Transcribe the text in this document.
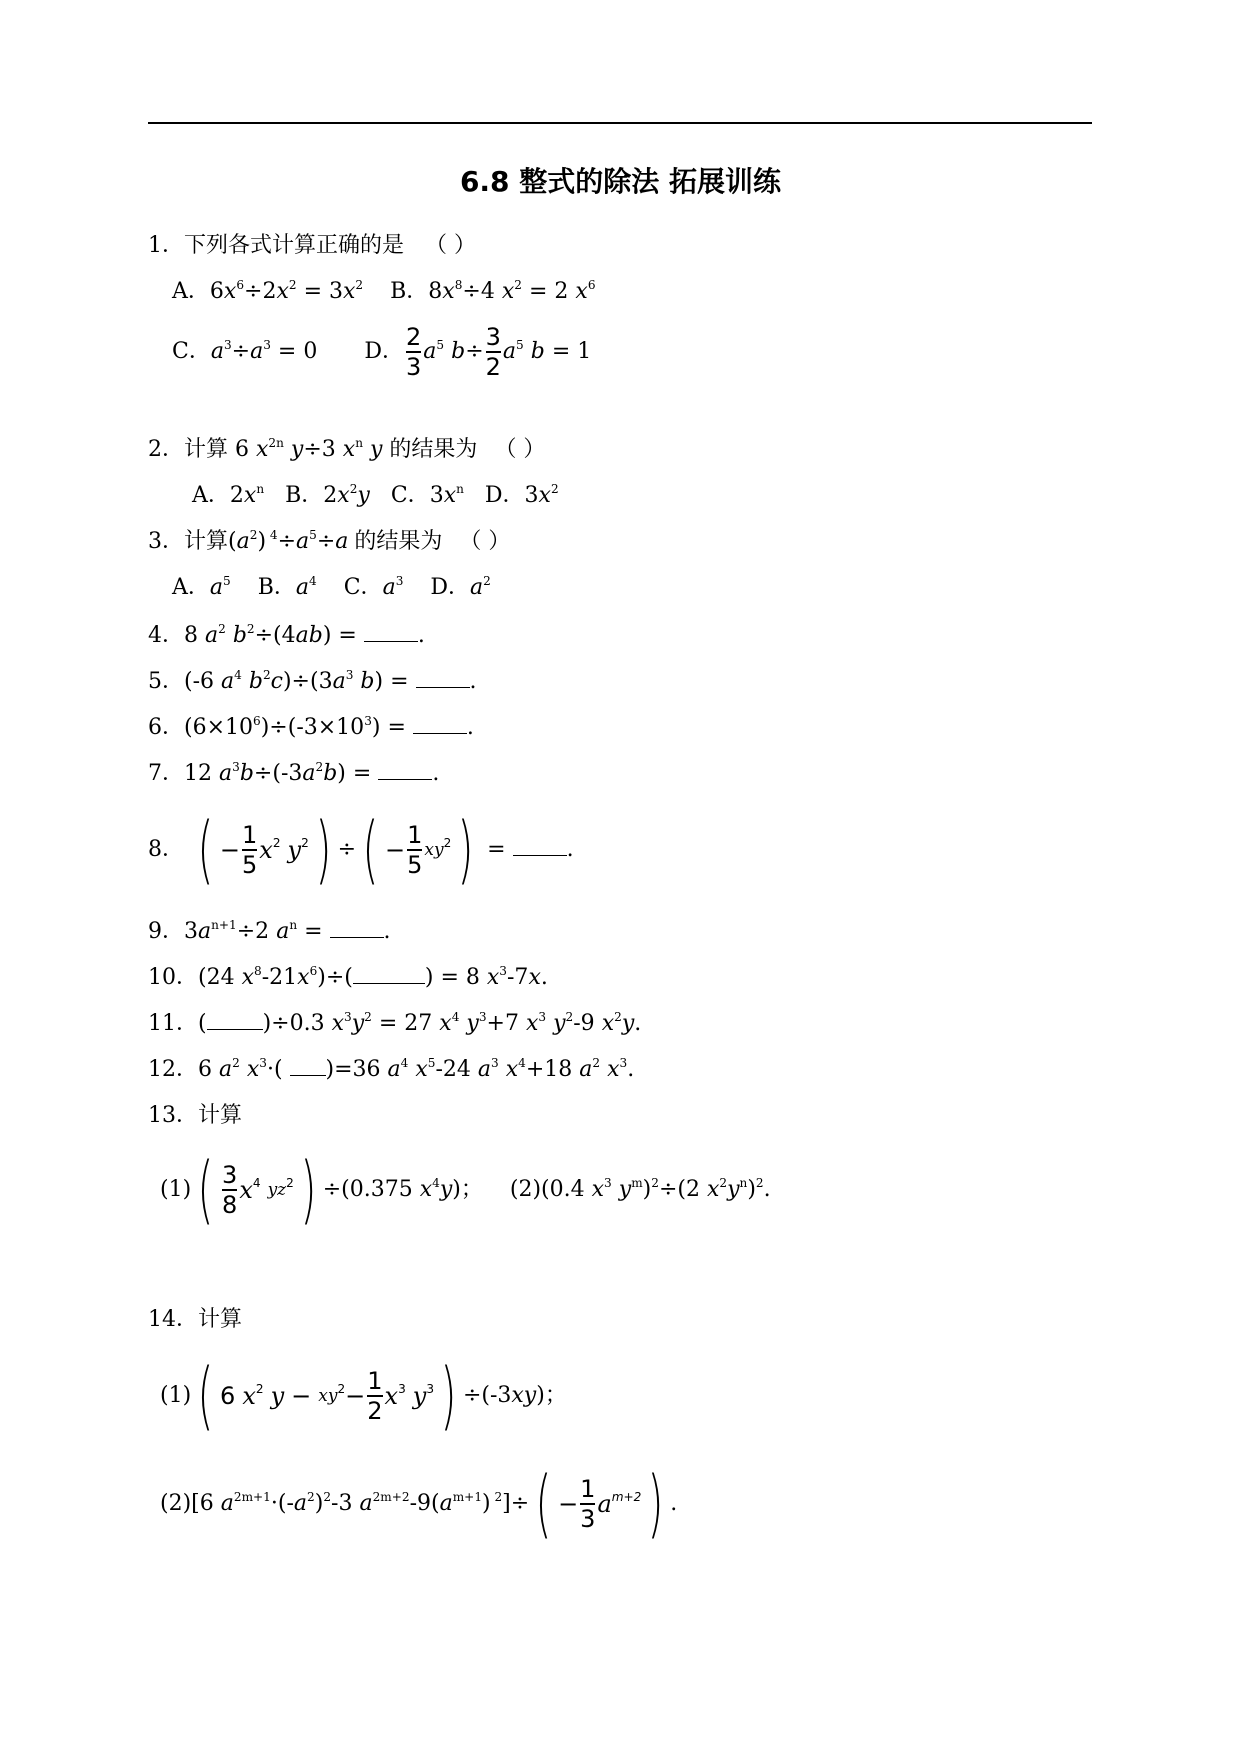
6.8 整式的除法 拓展训练
1．下列各式计算正确的是 （ ）
A．$6x^6\div 2x^2 = 3x^2$ B．$8x^8\div 4$ $x^2 = 2$ $x^6$
C．$a^3\div a^3 = 0$ D． $\frac{2}{3} a^5$ $b\div \frac{3}{2} a^5$ b = 1
2．计算 6 $x^{2n}$ y÷3 $x^n$ y 的结果为 （ ）
A．$2x^n$ B．$2x^2y$ C．$3x^n$ D．$3x^2$
3．计算$(a^2)$ $^4\div a^5\div a$ 的结果为 （ ）
A．$a^5$ B．$a^4$ C．$a^3$ D．$a^2$
4．8 $a^2$ $b^2\div(4ab)$ = .
5．(-6 $a^4$ $b^2c)\div(3a^3$ b) = .
6．$(6\times 10^6)\div(-3\times 10^3)$ = .
7．12 $a^3b\div(-3a^2b)$ = .
8． ( − $\frac{1}{5} x^2$ $y^2$) ÷( − $\frac{1}{5} xy^2$) = .
9．$3a^{n+1}\div 2$ $a^n$ = .
10．(24 $x^8-21x^6)\div$(	) = 8 $x^3-7x$.
11．(	)÷0.3 $x^3y^2 = 27$ $x^4$ $y^3+7$ $x^3$ $y^2-9$ $x^2y$.
12．6 $a^2$ $x^3\cdot$( )=36 $a^4$ $x^5-24$ $a^3$ $x^4+18$ $a^2$ $x^3$.
13．计算
$(1)( \frac{3}{8} x^4$ $yz^2) \div(0.375$ $x^4y$)； (2)(0.4 $x^3$ $y^m)^2\div(2$ $x^2y^n)^2$.
14．计算
(1)( 6 $x^2$ $y - xy^2- \frac{1}{2} x^3$ $y^3) \div(-3xy)$；
(2)[6 $a^{2m+1}\cdot(-a^2)^2-3$ $a^{2m+2}-9(a^{m+1}) ^2]\div( - \frac{1}{3} a^{m+2})$ .
